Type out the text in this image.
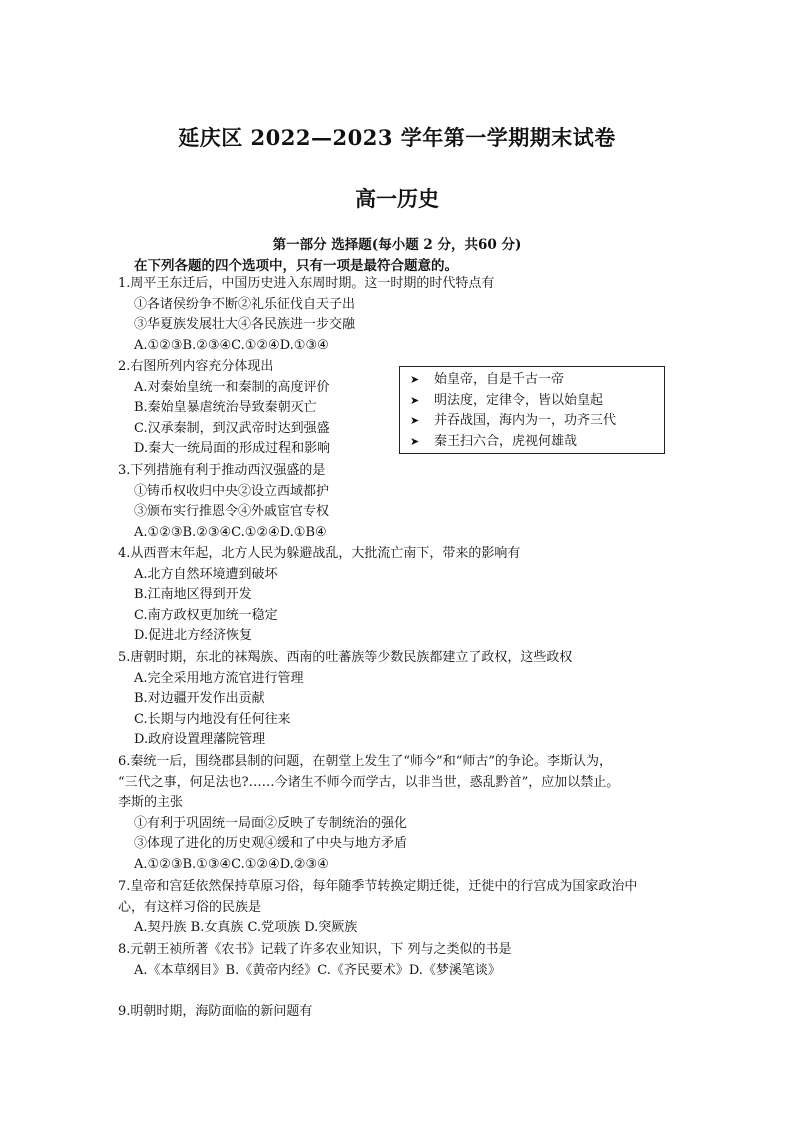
延庆区 2022—2023 学年第一学期期末试卷
高一历史
第一部分 选择题(每小题 2 分，共60 分)
在下列各题的四个选项中，只有一项是最符合题意的。
1.周平王东迁后，中国历史进入东周时期。这一时期的时代特点有
①各诸侯纷争不断②礼乐征伐自天子出
③华夏族发展壮大④各民族进一步交融
A.①②③B.②③④C.①②④D.①③④
2.右图所列内容充分体现出
A.对秦始皇统一和秦制的高度评价
B.秦始皇暴虐统治导致秦朝灭亡
C.汉承秦制，到汉武帝时达到强盛
D.秦大一统局面的形成过程和影响
➤ 始皇帝，自是千古一帝
➤ 明法度，定律令，皆以始皇起
➤ 并吞战国，海内为一，功齐三代
➤ 秦王扫六合，虎视何雄哉
3.下列措施有利于推动西汉强盛的是
①铸币权收归中央②设立西域都护
③颁布实行推恩令④外戚宦官专权
A.①②③B.②③④C.①②④D.①B④
4.从西晋末年起，北方人民为躲避战乱，大批流亡南下，带来的影响有
A.北方自然环境遭到破坏
B.江南地区得到开发
C.南方政权更加统一稳定
D.促进北方经济恢复
5.唐朝时期，东北的袜羯族、西南的吐蕃族等少数民族都建立了政权，这些政权
A.完全采用地方流官进行管理
B.对边疆开发作出贡献
C.长期与内地没有任何往来
D.政府设置理藩院管理
6.秦统一后，围绕郡县制的问题，在朝堂上发生了“师今”和“师古”的争论。李斯认为，
“三代之事，何足法也?……今诸生不师今而学古，以非当世，惑乱黔首”，应加以禁止。
李斯的主张
①有利于巩固统一局面②反映了专制统治的强化
③体现了进化的历史观④缓和了中央与地方矛盾
A.①②③B.①③④C.①②④D.②③④
7.皇帝和宫廷依然保持草原习俗，每年随季节转换定期迁徙，迁徙中的行宫成为国家政治中
心，有这样习俗的民族是
A.契丹族 B.女真族 C.党项族 D.突厥族
8.元朝王祯所著《农书》记载了许多农业知识，下 列与之类似的书是
A.《本草纲目》B.《黄帝内经》C.《齐民要术》D.《梦溪笔谈》
9.明朝时期，海防面临的新问题有
